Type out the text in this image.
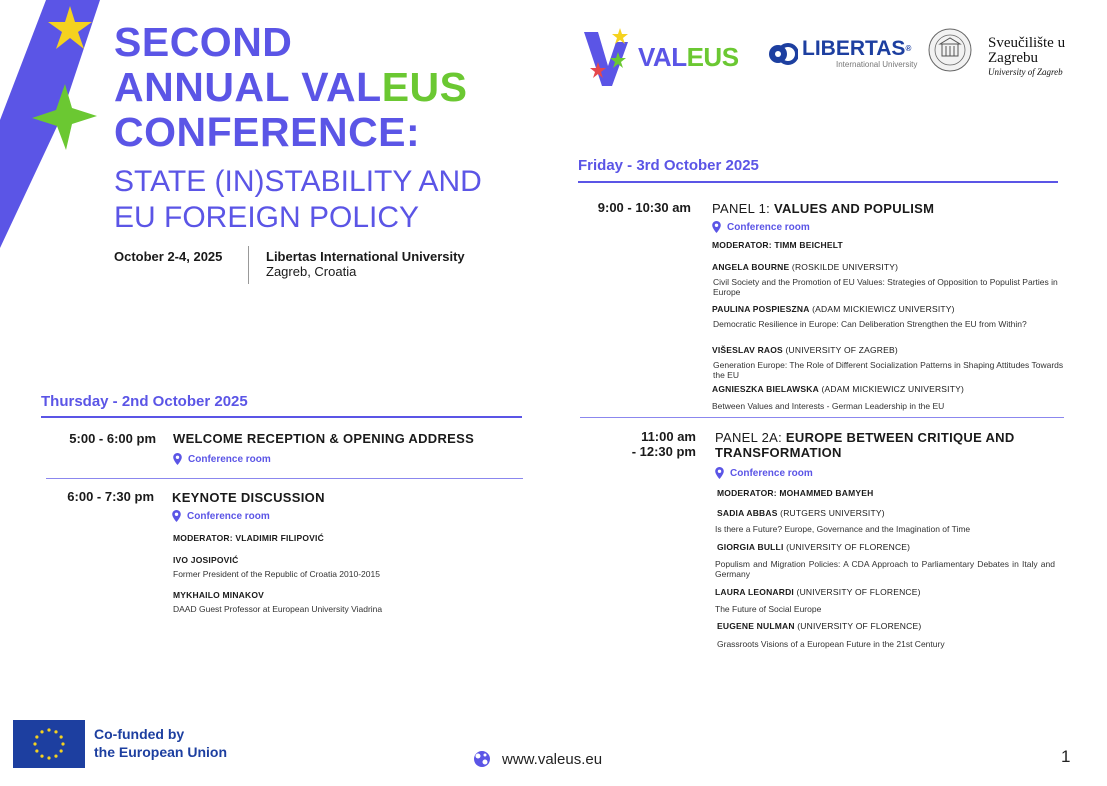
SECOND
ANNUAL VALEUS
CONFERENCE:
STATE (IN)STABILITY AND
EU FOREIGN POLICY
October 2-4, 2025	Libertas International University
Zagreb, Croatia
VALEUS	LIBERTAS®
International University
Sveučilište u
Zagrebu
University of Zagreb
Thursday - 2nd October 2025
5:00 - 6:00 pm WELCOME RECEPTION & OPENING ADDRESS
Conference room
6:00 - 7:30 pm KEYNOTE DISCUSSION
Conference room
MODERATOR: VLADIMIR FILIPOVIĆ
IVO JOSIPOVIĆ
Former President of the Republic of Croatia 2010-2015
MYKHAILO MINAKOV
DAAD Guest Professor at European University Viadrina
Friday - 3rd October 2025
9:00 - 10:30 am PANEL 1: VALUES AND POPULISM
Conference room
MODERATOR: TIMM BEICHELT
ANGELA BOURNE (ROSKILDE UNIVERSITY)
Civil Society and the Promotion of EU Values: Strategies of Opposition to Populist Parties in Europe
PAULINA POSPIESZNA (ADAM MICKIEWICZ UNIVERSITY)
Democratic Resilience in Europe: Can Deliberation Strengthen the EU from Within?
VIŠESLAV RAOS (UNIVERSITY OF ZAGREB)
Generation Europe: The Role of Different Socialization Patterns in Shaping Attitudes Towards the EU
AGNIESZKA BIELAWSKA (ADAM MICKIEWICZ UNIVERSITY)
Between Values and Interests - German Leadership in the EU
11:00 am
- 12:30 pm
PANEL 2A: EUROPE BETWEEN CRITIQUE AND
TRANSFORMATION
Conference room
MODERATOR: MOHAMMED BAMYEH
SADIA ABBAS (RUTGERS UNIVERSITY)
Is there a Future? Europe, Governance and the Imagination of Time
GIORGIA BULLI (UNIVERSITY OF FLORENCE)
Populism and Migration Policies: A CDA Approach to Parliamentary Debates in Italy and Germany
LAURA LEONARDI (UNIVERSITY OF FLORENCE)
The Future of Social Europe
EUGENE NULMAN (UNIVERSITY OF FLORENCE)
Grassroots Visions of a European Future in the 21st Century
Co-funded by
the European Union	www.valeus.eu	1
